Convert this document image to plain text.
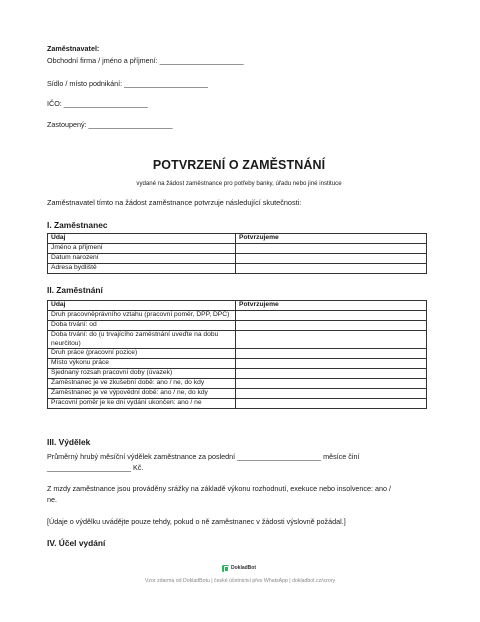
Zaměstnavatel:
Obchodní firma / jméno a příjmení: _____________________
Sídlo / místo podnikání: _____________________
IČO: _____________________
Zastoupený: _____________________
POTVRZENÍ O ZAMĚSTNÁNÍ
vydané na žádost zaměstnance pro potřeby banky, úřadu nebo jiné instituce
Zaměstnavatel tímto na žádost zaměstnance potvrzuje následující skutečnosti:
I. Zaměstnanec
Údaj	Potvrzujeme
Jméno a příjmení	
Datum narození	
Adresa bydliště	
II. Zaměstnání
Údaj	Potvrzujeme
Druh pracovněprávního vztahu (pracovní poměr, DPP, DPČ)	
Doba trvání: od	
Doba trvání: do (u trvajícího zaměstnání uveďte na dobu neurčitou)	
Druh práce (pracovní pozice)	
Místo výkonu práce	
Sjednaný rozsah pracovní doby (úvazek)	
Zaměstnanec je ve zkušební době: ano / ne, do kdy	
Zaměstnanec je ve výpovědní době: ano / ne, do kdy	
Pracovní poměr je ke dni vydání ukončen: ano / ne	
III. Výdělek
Průměrný hrubý měsíční výdělek zaměstnance za poslední _____________________ měsíce činí
_____________________ Kč.
Z mzdy zaměstnance jsou prováděny srážky na základě výkonu rozhodnutí, exekuce nebo insolvence: ano /
ne.
[Údaje o výdělku uvádějte pouze tehdy, pokud o ně zaměstnanec v žádosti výslovně požádal.]
IV. Účel vydání
DokladBot
Vzor zdarma od DokladBotu | české účetnictví přes WhatsApp | dokladbot.cz/vzory
